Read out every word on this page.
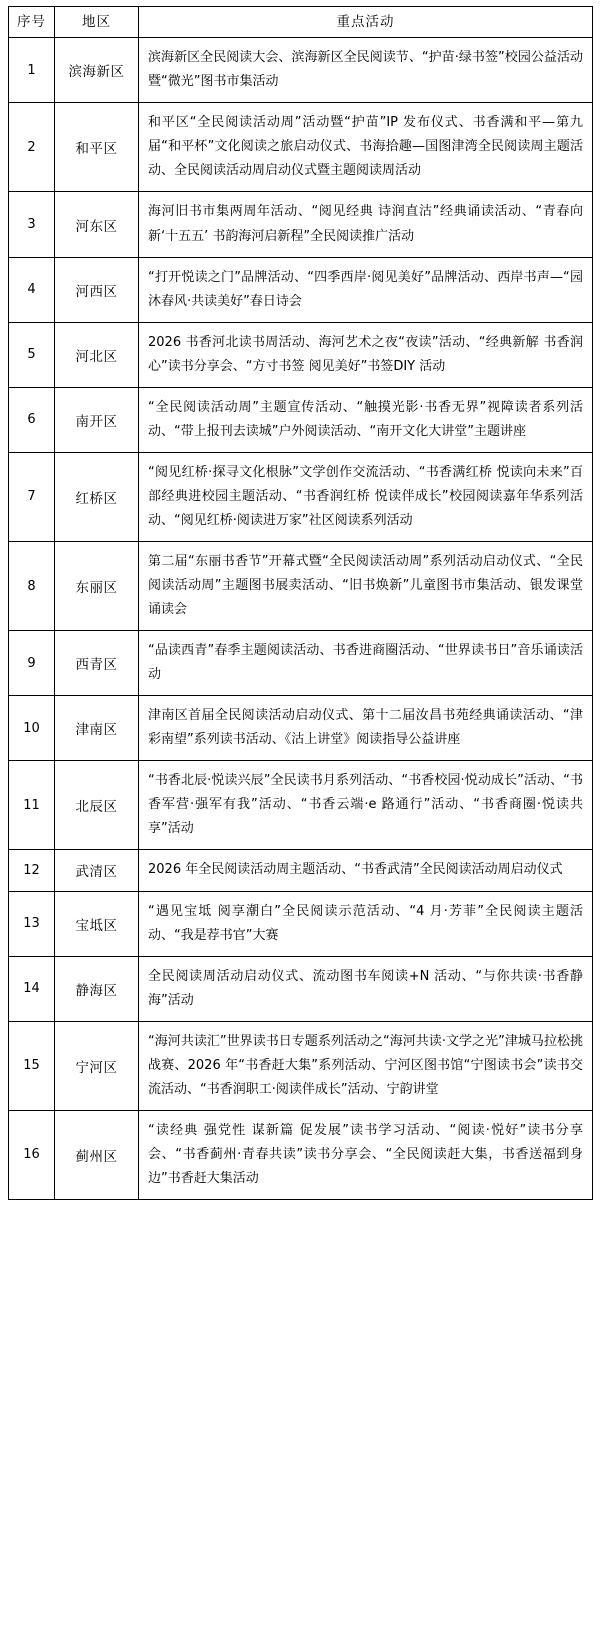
序号	地区	重点活动
1	滨海新区	滨海新区全民阅读大会、滨海新区全民阅读节、“护苗·绿书签”校园公益活动暨“微光”图书市集活动
2	和平区	和平区“全民阅读活动周”活动暨“护苗”IP 发布仪式、书香满和平—第九届“和平杯”文化阅读之旅启动仪式、书海拾趣—国图津湾全民阅读周主题活动、全民阅读活动周启动仪式暨主题阅读周活动
3	河东区	海河旧书市集两周年活动、“阅见经典 诗润直沽”经典诵读活动、“青春向新‘十五五’ 书韵海河启新程”全民阅读推广活动
4	河西区	“打开悦读之门”品牌活动、“四季西岸·阅见美好”品牌活动、西岸书声—“园沐春风·共读美好”春日诗会
5	河北区	2026 书香河北读书周活动、海河艺术之夜“夜读”活动、“经典新解 书香润心”读书分享会、“方寸书签 阅见美好”书签DIY 活动
6	南开区	“全民阅读活动周”主题宣传活动、“触摸光影·书香无界”视障读者系列活动、“带上报刊去读城”户外阅读活动、“南开文化大讲堂”主题讲座
7	红桥区	“阅见红桥·探寻文化根脉”文学创作交流活动、“书香满红桥 悦读向未来”百部经典进校园主题活动、“书香润红桥 悦读伴成长”校园阅读嘉年华系列活动、“阅见红桥·阅读进万家”社区阅读系列活动
8	东丽区	第二届“东丽书香节”开幕式暨“全民阅读活动周”系列活动启动仪式、“全民阅读活动周”主题图书展卖活动、“旧书焕新”儿童图书市集活动、银发课堂诵读会
9	西青区	“品读西青”春季主题阅读活动、书香进商圈活动、“世界读书日”音乐诵读活动
10	津南区	津南区首届全民阅读活动启动仪式、第十二届汝昌书苑经典诵读活动、“津彩南望”系列读书活动、《沽上讲堂》阅读指导公益讲座
11	北辰区	“书香北辰·悦读兴辰”全民读书月系列活动、“书香校园·悦动成长”活动、“书香军营·强军有我”活动、“书香云端·e 路通行”活动、“书香商圈·悦读共享”活动
12	武清区	2026 年全民阅读活动周主题活动、“书香武清”全民阅读活动周启动仪式
13	宝坻区	“遇见宝坻 阅享潮白”全民阅读示范活动、“4 月·芳菲”全民阅读主题活动、“我是荐书官”大赛
14	静海区	全民阅读周活动启动仪式、流动图书车阅读+N 活动、“与你共读·书香静海”活动
15	宁河区	“海河共读汇”世界读书日专题系列活动之“海河共读·文学之光”津城马拉松挑战赛、2026 年“书香赶大集”系列活动、宁河区图书馆“宁图读书会”读书交流活动、“书香润职工·阅读伴成长”活动、宁韵讲堂
16	蓟州区	“读经典 强党性 谋新篇 促发展”读书学习活动、“阅读·悦好”读书分享会、“书香蓟州·青春共读”读书分享会、“全民阅读赶大集，书香送福到身边”书香赶大集活动
